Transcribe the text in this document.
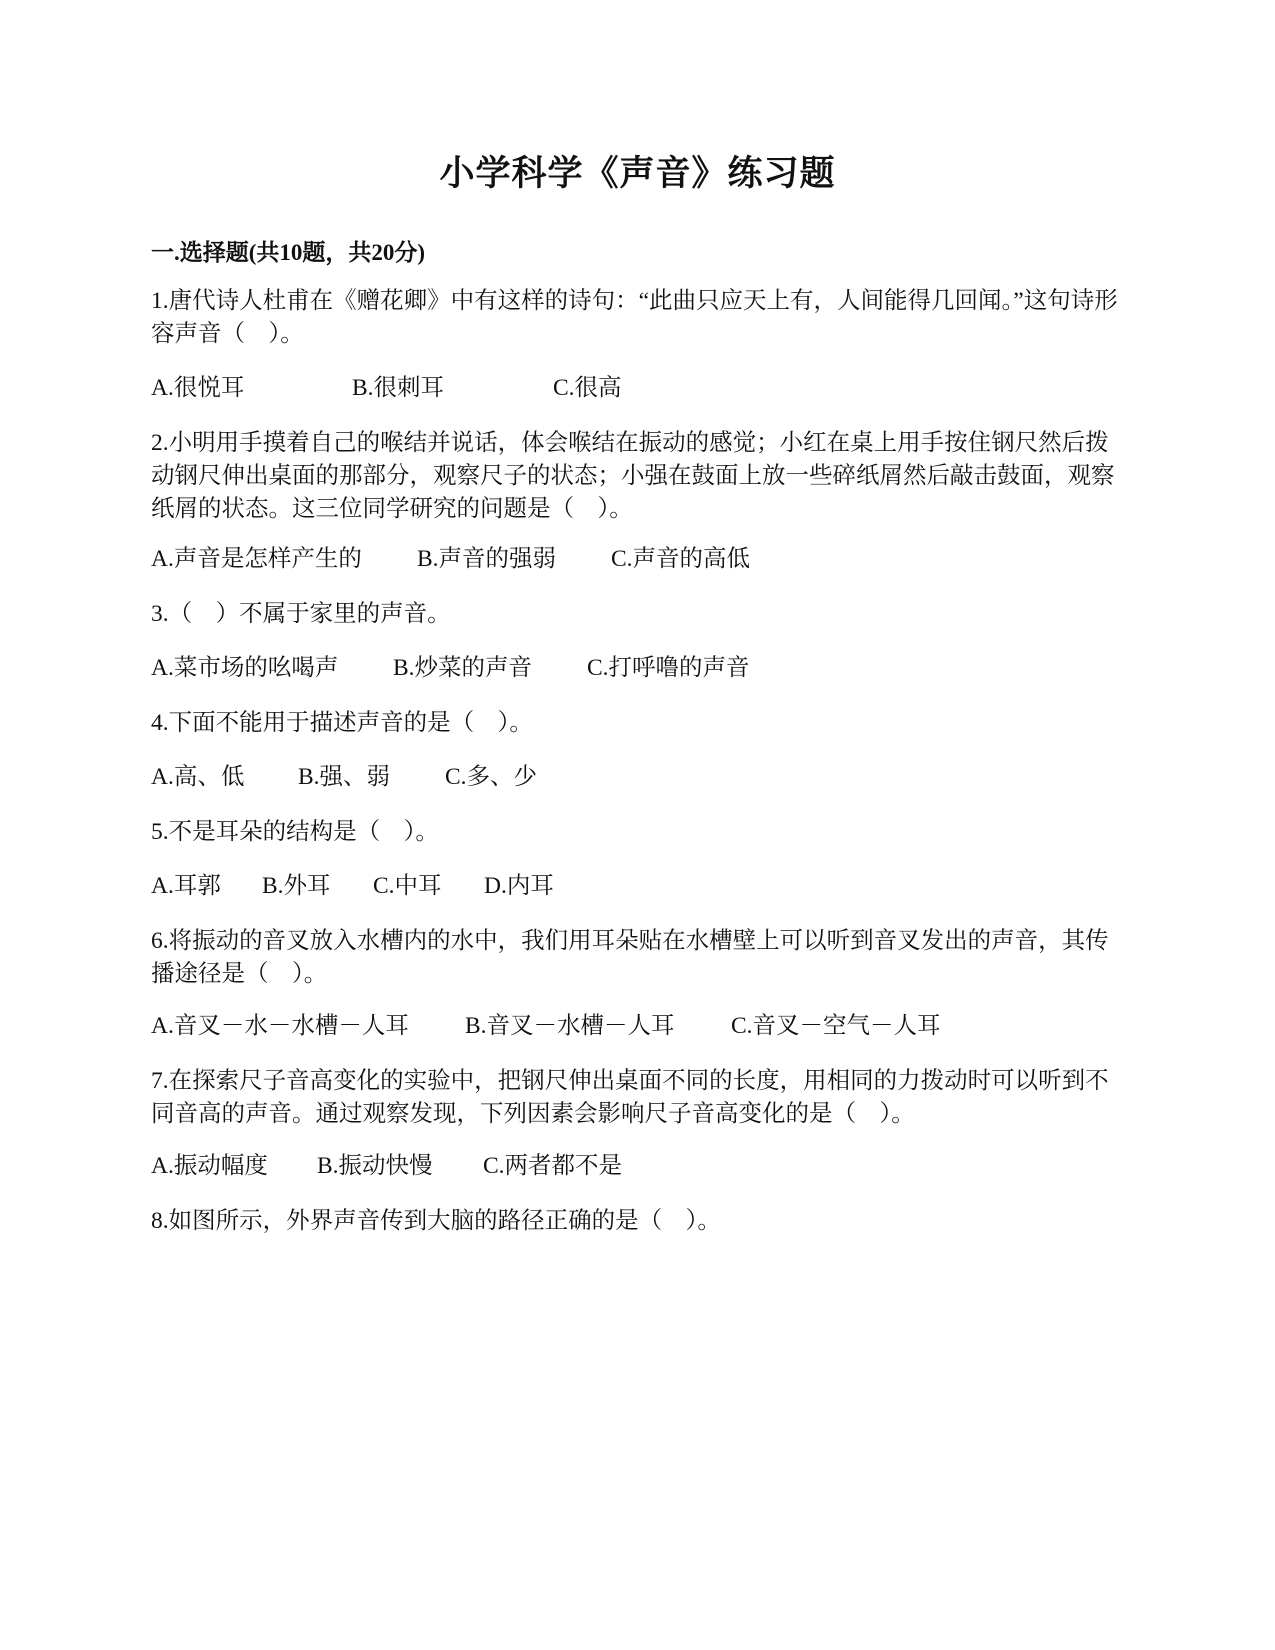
小学科学《声音》练习题
一.选择题(共10题，共20分)
1.唐代诗人杜甫在《赠花卿》中有这样的诗句：“此曲只应天上有，人间能得几回闻。”这句诗形容声音（　）。
A.很悦耳	B.很刺耳	C.很高
2.小明用手摸着自己的喉结并说话，体会喉结在振动的感觉；小红在桌上用手按住钢尺然后拨动钢尺伸出桌面的那部分，观察尺子的状态；小强在鼓面上放一些碎纸屑然后敲击鼓面，观察纸屑的状态。这三位同学研究的问题是（　）。
A.声音是怎样产生的 B.声音的强弱 C.声音的高低
3.（　）不属于家里的声音。
A.菜市场的吆喝声 B.炒菜的声音 C.打呼噜的声音
4.下面不能用于描述声音的是（　）。
A.高、低 B.强、弱 C.多、少
5.不是耳朵的结构是（　）。
A.耳郭 B.外耳 C.中耳 D.内耳
6.将振动的音叉放入水槽内的水中，我们用耳朵贴在水槽壁上可以听到音叉发出的声音，其传播途径是（　）。
A.音叉－水－水槽－人耳 B.音叉－水槽－人耳 C.音叉－空气－人耳
7.在探索尺子音高变化的实验中，把钢尺伸出桌面不同的长度，用相同的力拨动时可以听到不同音高的声音。通过观察发现，下列因素会影响尺子音高变化的是（　）。
A.振动幅度 B.振动快慢 C.两者都不是
8.如图所示，外界声音传到大脑的路径正确的是（　）。
